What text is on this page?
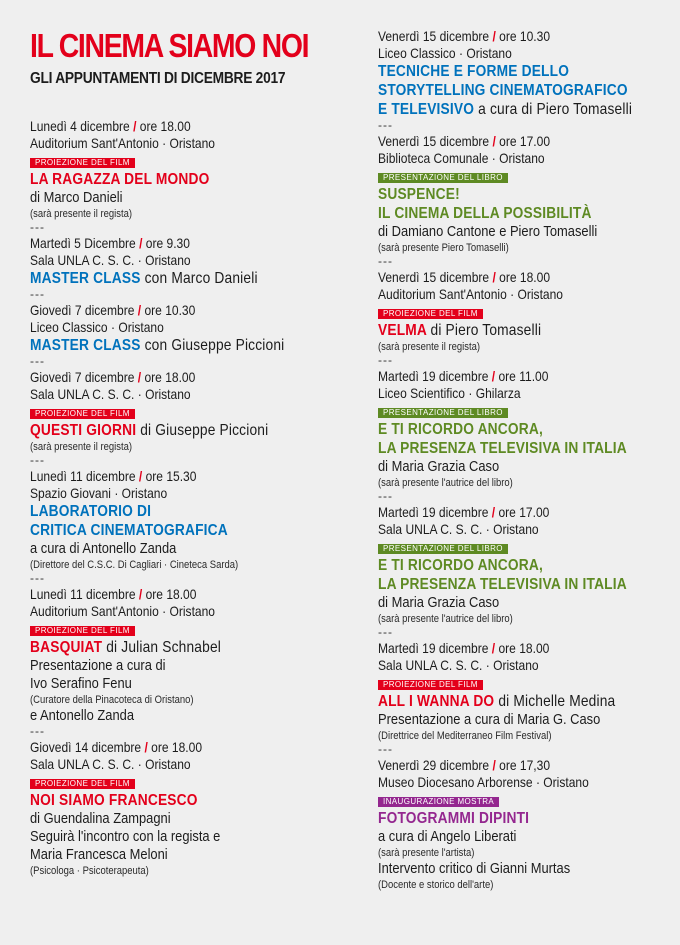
IL CINEMA SIAMO NOI
GLI APPUNTAMENTI DI DICEMBRE 2017
Lunedì 4 dicembre / ore 18.00
Auditorium Sant'Antonio · Oristano
PROIEZIONE DEL FILM
LA RAGAZZA DEL MONDO
di Marco Danieli
(sarà presente il regista)
---
Martedì 5 Dicembre / ore 9.30
Sala UNLA C. S. C. · Oristano
MASTER CLASS con Marco Danieli
---
Giovedì 7 dicembre / ore 10.30
Liceo Classico · Oristano
MASTER CLASS con Giuseppe Piccioni
---
Giovedì 7 dicembre / ore 18.00
Sala UNLA C. S. C. · Oristano
PROIEZIONE DEL FILM
QUESTI GIORNI di Giuseppe Piccioni
(sarà presente il regista)
---
Lunedì 11 dicembre / ore 15.30
Spazio Giovani · Oristano
LABORATORIO DI
CRITICA CINEMATOGRAFICA
a cura di Antonello Zanda
(Direttore del C.S.C. Di Cagliari · Cineteca Sarda)
---
Lunedì 11 dicembre / ore 18.00
Auditorium Sant'Antonio · Oristano
PROIEZIONE DEL FILM
BASQUIAT di Julian Schnabel
Presentazione a cura di
Ivo Serafino Fenu
(Curatore della Pinacoteca di Oristano)
e Antonello Zanda
---
Giovedì 14 dicembre / ore 18.00
Sala UNLA C. S. C. · Oristano
PROIEZIONE DEL FILM
NOI SIAMO FRANCESCO
di Guendalina Zampagni
Seguirà l'incontro con la regista e
Maria Francesca Meloni
(Psicologa · Psicoterapeuta)
Venerdì 15 dicembre / ore 10.30
Liceo Classico · Oristano
TECNICHE E FORME DELLO
STORYTELLING CINEMATOGRAFICO
E TELEVISIVO a cura di Piero Tomaselli
---
Venerdì 15 dicembre / ore 17.00
Biblioteca Comunale · Oristano
PRESENTAZIONE DEL LIBRO
SUSPENCE!
IL CINEMA DELLA POSSIBILITÀ
di Damiano Cantone e Piero Tomaselli
(sarà presente Piero Tomaselli)
---
Venerdì 15 dicembre / ore 18.00
Auditorium Sant'Antonio · Oristano
PROIEZIONE DEL FILM
VELMA di Piero Tomaselli
(sarà presente il regista)
---
Martedì 19 dicembre / ore 11.00
Liceo Scientifico · Ghilarza
PRESENTAZIONE DEL LIBRO
E TI RICORDO ANCORA,
LA PRESENZA TELEVISIVA IN ITALIA
di Maria Grazia Caso
(sarà presente l'autrice del libro)
---
Martedì 19 dicembre / ore 17.00
Sala UNLA C. S. C. · Oristano
PRESENTAZIONE DEL LIBRO
E TI RICORDO ANCORA,
LA PRESENZA TELEVISIVA IN ITALIA
di Maria Grazia Caso
(sarà presente l'autrice del libro)
---
Martedì 19 dicembre / ore 18.00
Sala UNLA C. S. C. · Oristano
PROIEZIONE DEL FILM
ALL I WANNA DO di Michelle Medina
Presentazione a cura di Maria G. Caso
(Direttrice del Mediterraneo Film Festival)
---
Venerdì 29 dicembre / ore 17,30
Museo Diocesano Arborense · Oristano
INAUGURAZIONE MOSTRA
FOTOGRAMMI DIPINTI
a cura di Angelo Liberati
(sarà presente l'artista)
Intervento critico di Gianni Murtas
(Docente e storico dell'arte)
